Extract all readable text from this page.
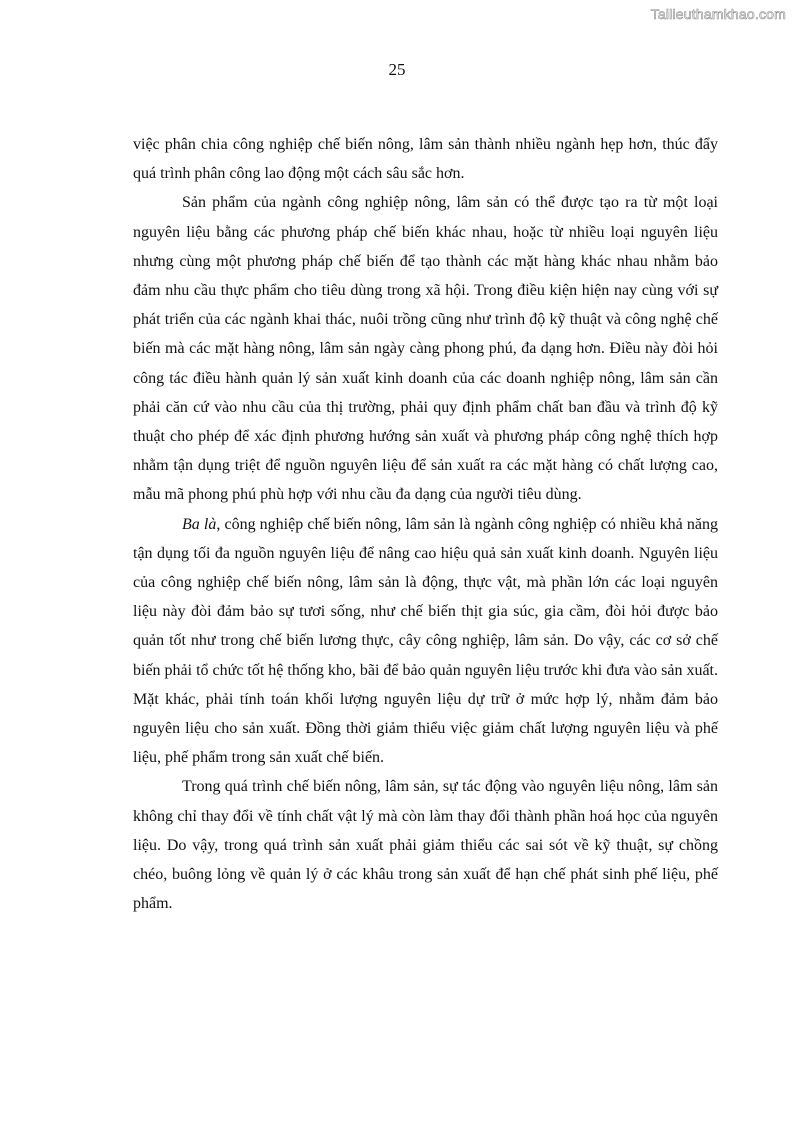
Tailieuthamkhao.com
25

việc phân chia công nghiệp chế biến nông, lâm sản thành nhiều ngành hẹp hơn, thúc đẩy quá trình phân công lao động một cách sâu sắc hơn.

Sản phẩm của ngành công nghiệp nông, lâm sản có thể được tạo ra từ một loại nguyên liệu bằng các phương pháp chế biến khác nhau, hoặc từ nhiều loại nguyên liệu nhưng cùng một phương pháp chế biến để tạo thành các mặt hàng khác nhau nhằm bảo đảm nhu cầu thực phẩm cho tiêu dùng trong xã hội. Trong điều kiện hiện nay cùng với sự phát triển của các ngành khai thác, nuôi trồng cũng như trình độ kỹ thuật và công nghệ chế biến mà các mặt hàng nông, lâm sản ngày càng phong phú, đa dạng hơn. Điều này đòi hỏi công tác điều hành quản lý sản xuất kinh doanh của các doanh nghiệp nông, lâm sản cần phải căn cứ vào nhu cầu của thị trường, phải quy định phẩm chất ban đầu và trình độ kỹ thuật cho phép để xác định phương hướng sản xuất và phương pháp công nghệ thích hợp nhằm tận dụng triệt để nguồn nguyên liệu để sản xuất ra các mặt hàng có chất lượng cao, mẫu mã phong phú phù hợp với nhu cầu đa dạng của người tiêu dùng.

Ba là, công nghiệp chế biến nông, lâm sản là ngành công nghiệp có nhiều khả năng tận dụng tối đa nguồn nguyên liệu để nâng cao hiệu quả sản xuất kinh doanh. Nguyên liệu của công nghiệp chế biến nông, lâm sản là động, thực vật, mà phần lớn các loại nguyên liệu này đòi đảm bảo sự tươi sống, như chế biến thịt gia súc, gia cầm, đòi hỏi được bảo quản tốt như trong chế biến lương thực, cây công nghiệp, lâm sản. Do vậy, các cơ sở chế biến phải tổ chức tốt hệ thống kho, bãi để bảo quản nguyên liệu trước khi đưa vào sản xuất. Mặt khác, phải tính toán khối lượng nguyên liệu dự trữ ở mức hợp lý, nhằm đảm bảo nguyên liệu cho sản xuất. Đồng thời giảm thiểu việc giảm chất lượng nguyên liệu và phế liệu, phế phẩm trong sản xuất chế biến.

Trong quá trình chế biến nông, lâm sản, sự tác động vào nguyên liệu nông, lâm sản không chỉ thay đổi về tính chất vật lý mà còn làm thay đổi thành phần hoá học của nguyên liệu. Do vậy, trong quá trình sản xuất phải giảm thiểu các sai sót về kỹ thuật, sự chồng chéo, buông lỏng về quản lý ở các khâu trong sản xuất để hạn chế phát sinh phế liệu, phế phẩm.
